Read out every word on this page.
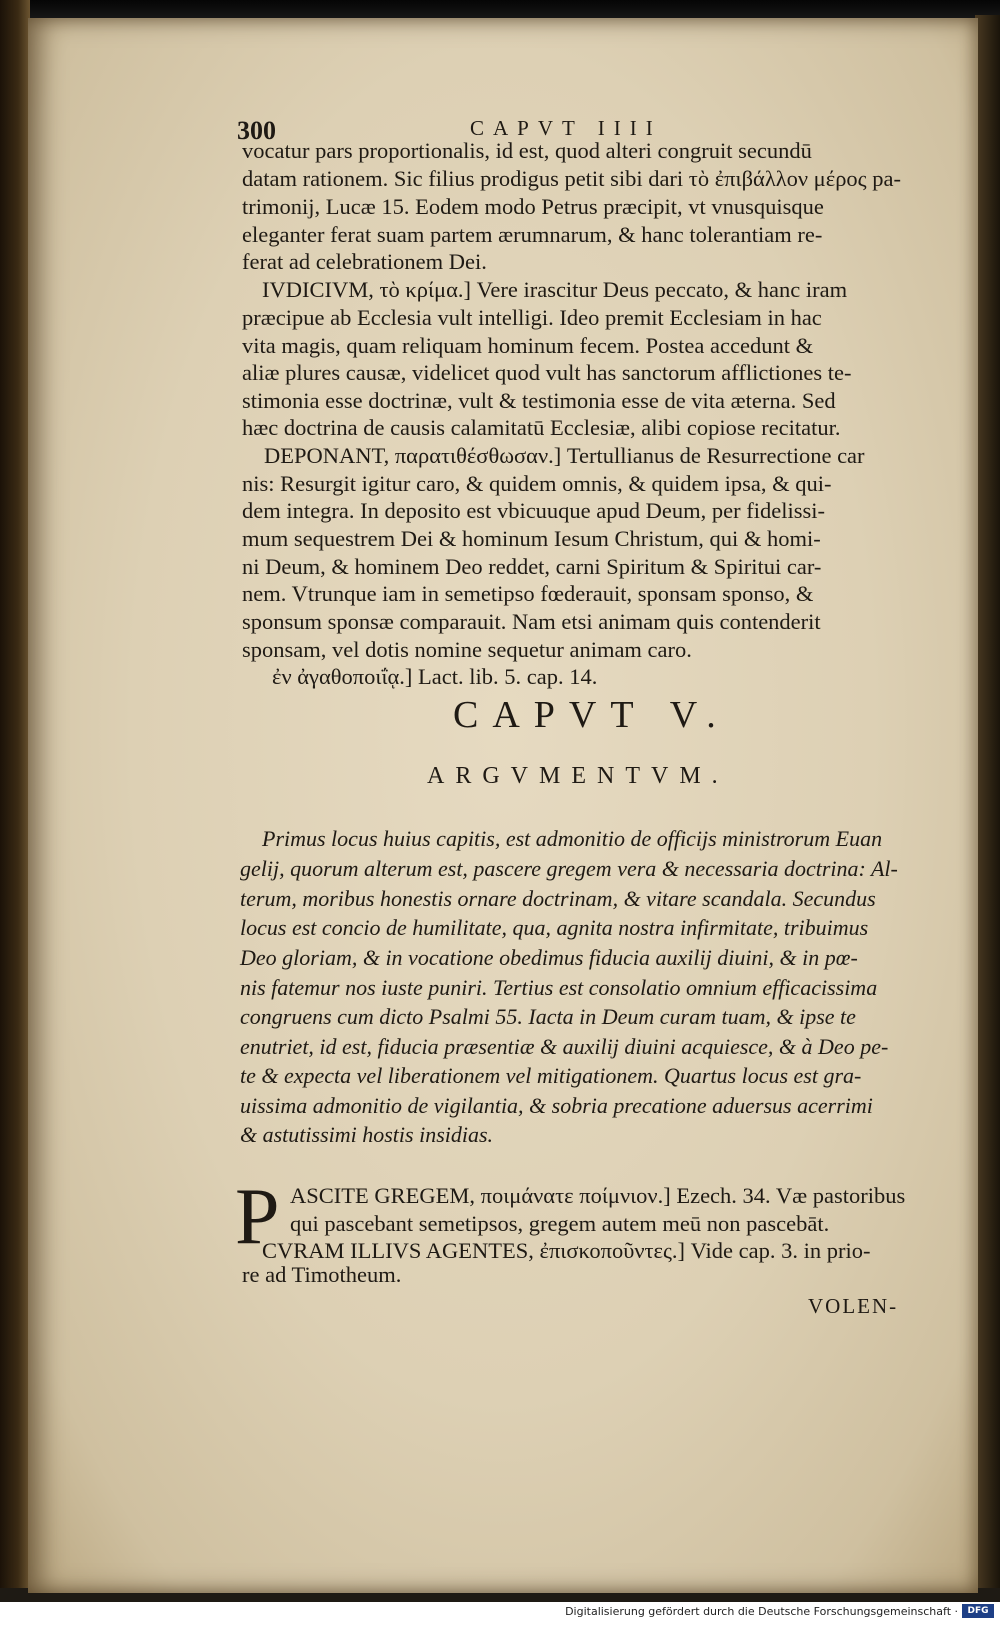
300	CAPVT IIII
vocatur pars proportionalis, id est, quod alteri congruit secundū
datam rationem. Sic filius prodigus petit sibi dari τὸ ἐπιβάλλον μέρος pa-
trimonij, Lucæ 15. Eodem modo Petrus præcipit, vt vnusquisque
eleganter ferat suam partem ærumnarum, & hanc tolerantiam re-
ferat ad celebrationem Dei.
IVDICIVM, τὸ κρίμα.] Vere irascitur Deus peccato, & hanc iram
præcipue ab Ecclesia vult intelligi. Ideo premit Ecclesiam in hac
vita magis, quam reliquam hominum fecem. Postea accedunt &
aliæ plures causæ, videlicet quod vult has sanctorum afflictiones te-
stimonia esse doctrinæ, vult & testimonia esse de vita æterna. Sed
hæc doctrina de causis calamitatū Ecclesiæ, alibi copiose recitatur.
DEPONANT, παρατιθέσθωσαν.] Tertullianus de Resurrectione car
nis: Resurgit igitur caro, & quidem omnis, & quidem ipsa, & qui-
dem integra. In deposito est vbicuuque apud Deum, per fidelissi-
mum sequestrem Dei & hominum Iesum Christum, qui & homi-
ni Deum, & hominem Deo reddet, carni Spiritum & Spiritui car-
nem. Vtrunque iam in semetipso fœderauit, sponsam sponso, &
sponsum sponsæ comparauit. Nam etsi animam quis contenderit
sponsam, vel dotis nomine sequetur animam caro.
ἐν ἀγαθοποιΐᾳ.] Lact. lib. 5. cap. 14.
CAPVT V.
ARGVMENTVM.
Primus locus huius capitis, est admonitio de officijs ministrorum Euan
gelij, quorum alterum est, pascere gregem vera & necessaria doctrina: Al-
terum, moribus honestis ornare doctrinam, & vitare scandala. Secundus
locus est concio de humilitate, qua, agnita nostra infirmitate, tribuimus
Deo gloriam, & in vocatione obedimus fiducia auxilij diuini, & in pœ-
nis fatemur nos iuste puniri. Tertius est consolatio omnium efficacissima
congruens cum dicto Psalmi 55. Iacta in Deum curam tuam, & ipse te
enutriet, id est, fiducia præsentiæ & auxilij diuini acquiesce, & à Deo pe-
te & expecta vel liberationem vel mitigationem. Quartus locus est gra-
uissima admonitio de vigilantia, & sobria precatione aduersus acerrimi
& astutissimi hostis insidias.
P ASCITE GREGEM, ποιμάνατε ποίμνιον.] Ezech. 34. Væ pastoribus
qui pascebant semetipsos, gregem autem meū non pascebāt.
CVRAM ILLIVS AGENTES, ἐπισκοποῦντες.] Vide cap. 3. in prio-
re ad Timotheum.
VOLEN-
Digitalisierung gefördert durch die Deutsche Forschungsgemeinschaft ·	DFG
